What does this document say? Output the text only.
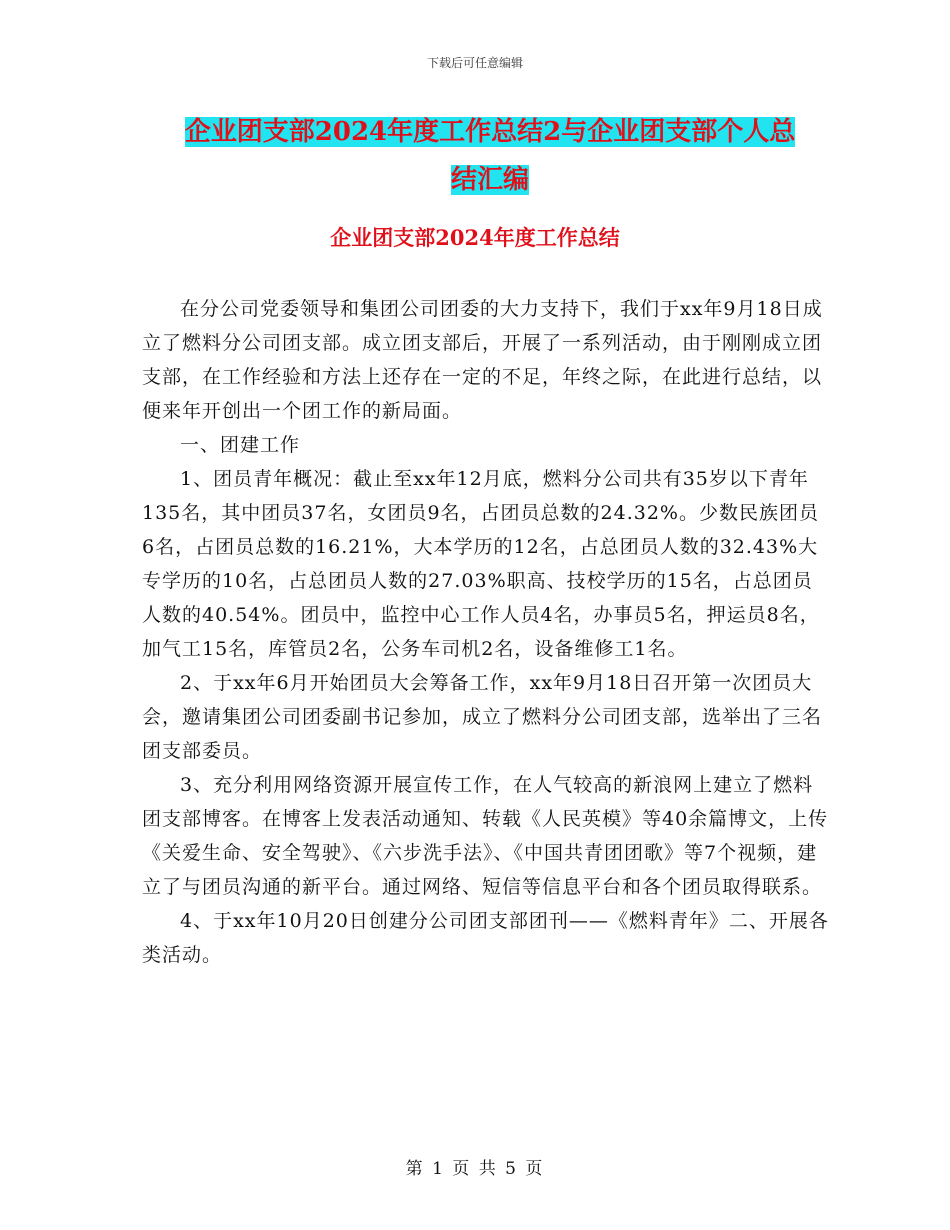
下载后可任意编辑
企业团支部2024年度工作总结2与企业团支部个人总
结汇编
企业团支部2024年度工作总结

在分公司党委领导和集团公司团委的大力支持下，我们于xx年9月18日成立了燃料分公司团支部。成立团支部后，开展了一系列活动，由于刚刚成立团支部，在工作经验和方法上还存在一定的不足，年终之际，在此进行总结，以便来年开创出一个团工作的新局面。

一、团建工作

1、团员青年概况：截止至xx年12月底，燃料分公司共有35岁以下青年135名，其中团员37名，女团员9名，占团员总数的24.32%。少数民族团员6名，占团员总数的16.21%，大本学历的12名，占总团员人数的32.43%大专学历的10名，占总团员人数的27.03%职高、技校学历的15名，占总团员人数的40.54%。团员中，监控中心工作人员4名，办事员5名，押运员8名，加气工15名，库管员2名，公务车司机2名，设备维修工1名。

2、于xx年6月开始团员大会筹备工作，xx年9月18日召开第一次团员大会，邀请集团公司团委副书记参加，成立了燃料分公司团支部，选举出了三名团支部委员。

3、充分利用网络资源开展宣传工作，在人气较高的新浪网上建立了燃料团支部博客。在博客上发表活动通知、转载《人民英模》等40余篇博文，上传《关爱生命、安全驾驶》、《六步洗手法》、《中国共青团团歌》等7个视频，建立了与团员沟通的新平台。通过网络、短信等信息平台和各个团员取得联系。

4、于xx年10月20日创建分公司团支部团刊——《燃料青年》二、开展各类活动。

第 1 页 共 5 页
